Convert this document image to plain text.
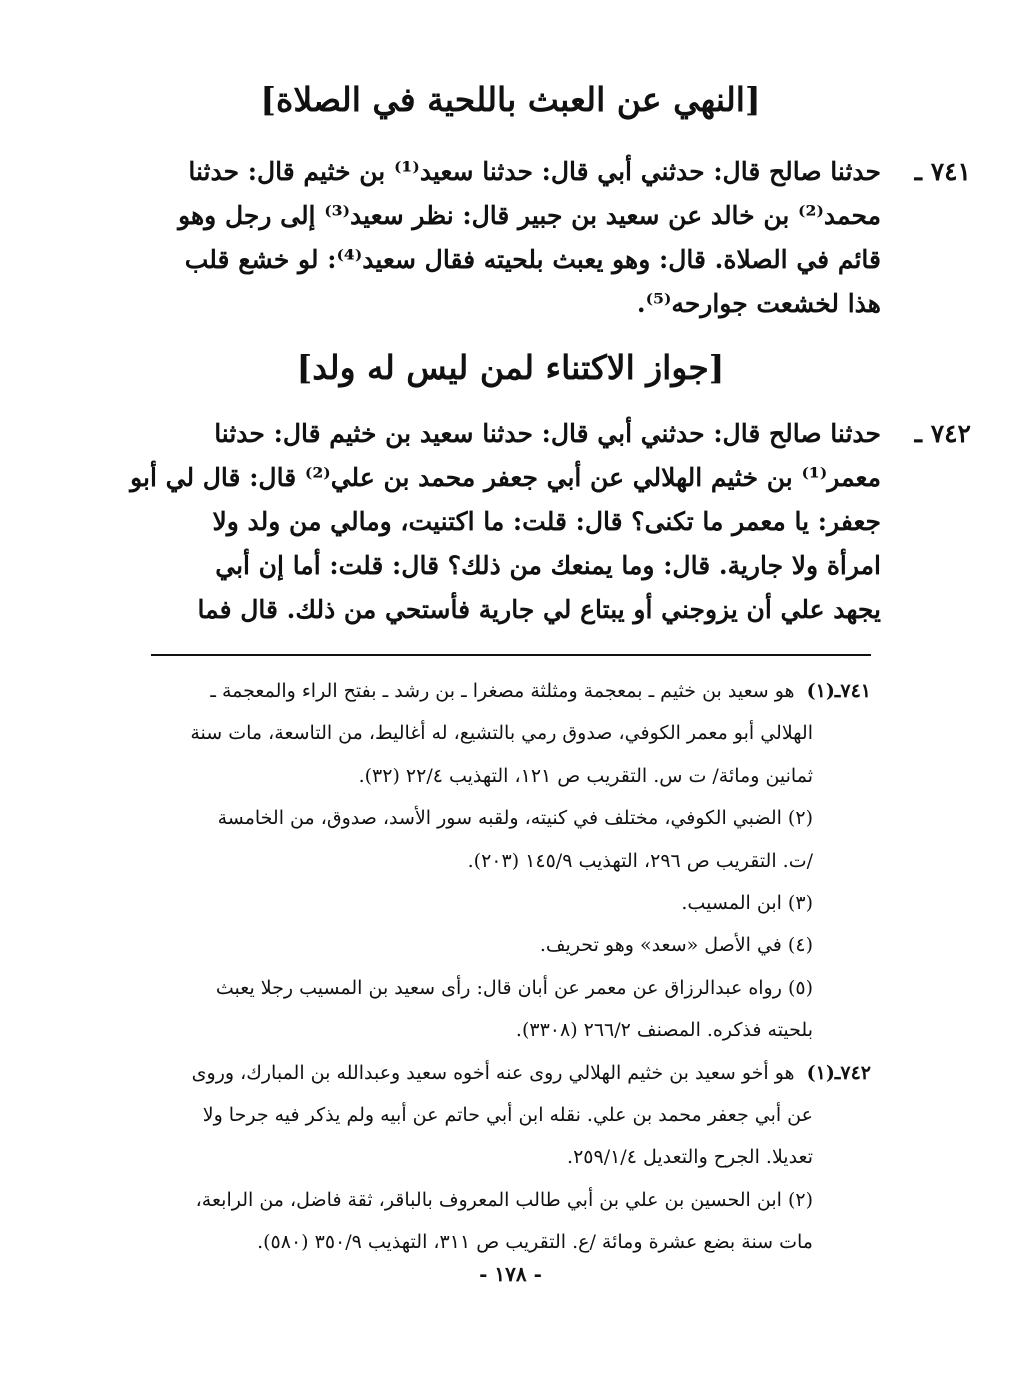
[النهي عن العبث باللحية في الصلاة]
٧٤١ ـ
حدثنا صالح قال: حدثني أبي قال: حدثنا سعيد⁽¹⁾ بن خثيم قال: حدثنا
محمد⁽²⁾ بن خالد عن سعيد بن جبير قال: نظر سعيد⁽³⁾ إلى رجل وهو
قائم في الصلاة. قال: وهو يعبث بلحيته فقال سعيد⁽⁴⁾: لو خشع قلب
هذا لخشعت جوارحه⁽⁵⁾.
[جواز الاكتناء لمن ليس له ولد]
٧٤٢ ـ
حدثنا صالح قال: حدثني أبي قال: حدثنا سعيد بن خثيم قال: حدثنا
معمر⁽¹⁾ بن خثيم الهلالي عن أبي جعفر محمد بن علي⁽²⁾ قال: قال لي أبو
جعفر: يا معمر ما تكنى؟ قال: قلت: ما اكتنيت، ومالي من ولد ولا
امرأة ولا جارية. قال: وما يمنعك من ذلك؟ قال: قلت: أما إن أبي
يجهد علي أن يزوجني أو يبتاع لي جارية فأستحي من ذلك. قال فما
٧٤١ـ(١) هو سعيد بن خثيم ـ بمعجمة ومثلثة مصغرا ـ بن رشد ـ بفتح الراء والمعجمة ـ
الهلالي أبو معمر الكوفي، صدوق رمي بالتشيع، له أغاليط، من التاسعة، مات سنة
ثمانين ومائة/ ت س. التقريب ص ١٢١، التهذيب ٢٢/٤ (٣٢).
(٢) الضبي الكوفي، مختلف في كنيته، ولقبه سور الأسد، صدوق، من الخامسة
/ت. التقريب ص ٢٩٦، التهذيب ١٤٥/٩ (٢٠٣).
(٣) ابن المسيب.
(٤) في الأصل «سعد» وهو تحريف.
(٥) رواه عبدالرزاق عن معمر عن أبان قال: رأى سعيد بن المسيب رجلا يعبث
بلحيته فذكره. المصنف ٢٦٦/٢ (٣٣٠٨).
٧٤٢ـ(١) هو أخو سعيد بن خثيم الهلالي روى عنه أخوه سعيد وعبدالله بن المبارك، وروى
عن أبي جعفر محمد بن علي. نقله ابن أبي حاتم عن أبيه ولم يذكر فيه جرحا ولا
تعديلا. الجرح والتعديل ٢٥٩/١/٤.
(٢) ابن الحسين بن علي بن أبي طالب المعروف بالباقر، ثقة فاضل، من الرابعة،
مات سنة بضع عشرة ومائة /ع. التقريب ص ٣١١، التهذيب ٣٥٠/٩ (٥٨٠).
- ١٧٨ -
